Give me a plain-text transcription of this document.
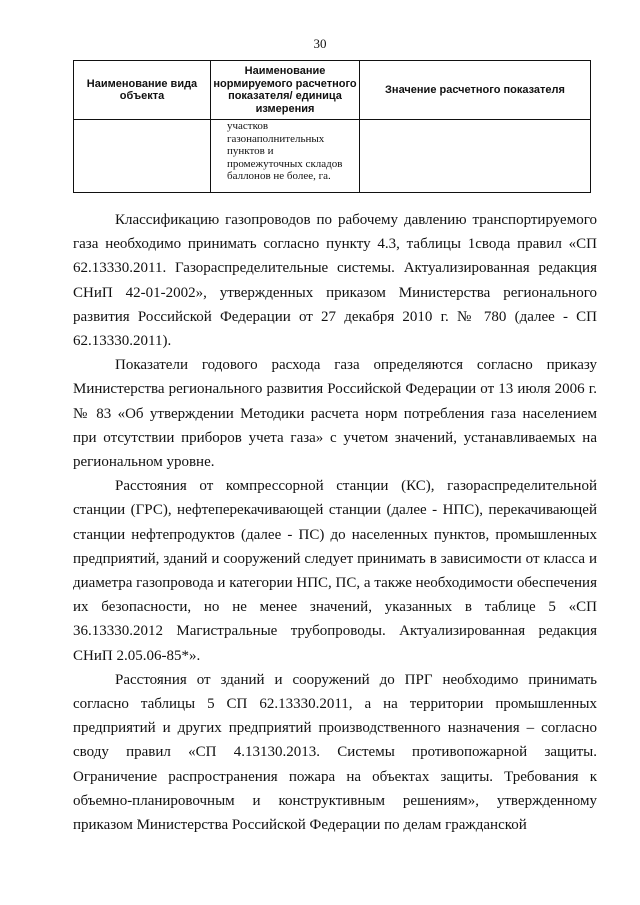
30
Наименование вида объекта	Наименование нормируемого расчетного показателя/ единица измерения	Значение расчетного показателя

	участков
газонаполнительных
пунктов и
промежуточных складов
баллонов не более, га.	

Классификацию газопроводов по рабочему давлению транспортируемого газа необходимо принимать согласно пункту 4.3, таблицы 1свода правил «СП 62.13330.2011. Газораспределительные системы. Актуализированная редакция СНиП 42-01-2002», утвержденных приказом Министерства регионального развития Российской Федерации от 27 декабря 2010 г. № 780 (далее - СП 62.13330.2011).

Показатели годового расхода газа определяются согласно приказу Министерства регионального развития Российской Федерации от 13 июля 2006 г. № 83 «Об утверждении Методики расчета норм потребления газа населением при отсутствии приборов учета газа» с учетом значений, устанавливаемых на региональном уровне.

Расстояния от компрессорной станции (КС), газораспределительной станции (ГРС), нефтеперекачивающей станции (далее - НПС), перекачивающей станции нефтепродуктов (далее - ПС) до населенных пунктов, промышленных предприятий, зданий и сооружений следует принимать в зависимости от класса и диаметра газопровода и категории НПС, ПС, а также необходимости обеспечения их безопасности, но не менее значений, указанных в таблице 5 «СП 36.13330.2012 Магистральные трубопроводы. Актуализированная редакция СНиП 2.05.06-85*».

Расстояния от зданий и сооружений до ПРГ необходимо принимать согласно таблицы 5 СП 62.13330.2011, а на территории промышленных предприятий и других предприятий производственного назначения – согласно своду правил «СП 4.13130.2013. Системы противопожарной защиты. Ограничение распространения пожара на объектах защиты. Требования к объемно-планировочным и конструктивным решениям», утвержденному приказом Министерства Российской Федерации по делам гражданской
